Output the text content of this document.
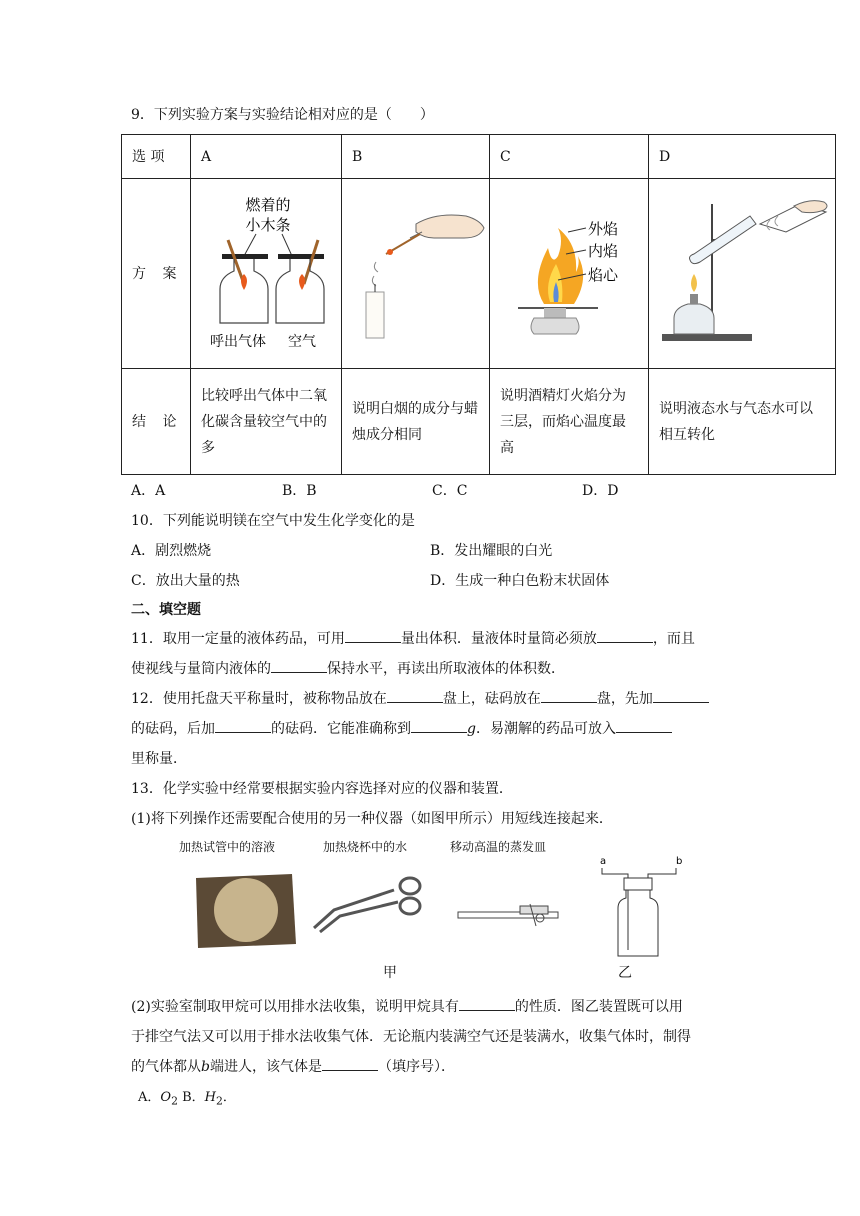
9．下列实验方案与实验结论相对应的是（　　）
选 项	A	B	C	D
方 案	燃着的
小木条
呼出气体 空气		外焰
内焰
焰心

结 论	比较呼出气体中二氧化碳含量较空气中的多	说明白烟的成分与蜡烛成分相同	说明酒精灯火焰分为三层，而焰心温度最高	说明液态水与气态水可以相互转化
A．A	B．B	C．C	D．D
10．下列能说明镁在空气中发生化学变化的是
A．剧烈燃烧	B．发出耀眼的白光
C．放出大量的热	D．生成一种白色粉末状固体
二、填空题
11．取用一定量的液体药品，可用	量出体积．量液体时量筒必须放	，而且
使视线与量筒内液体的	保持水平，再读出所取液体的体积数．
12．使用托盘天平称量时，被称物品放在	盘上，砝码放在	盘，先加
的砝码，后加	的砝码．它能准确称到	g．易潮解的药品可放入
里称量．
13．化学实验中经常要根据实验内容选择对应的仪器和装置．
(1)将下列操作还需要配合使用的另一种仪器（如图甲所示）用短线连接起来．
加热试管中的溶液	加热烧杯中的水	移动高温的蒸发皿
a	b
甲	乙
(2)实验室制取甲烷可以用排水法收集，说明甲烷具有	的性质．图乙装置既可以用
于排空气法又可以用于排水法收集气体．无论瓶内装满空气还是装满水，收集气体时，制得
的气体都从b端进人，该气体是	（填序号）．
A．$O_2$ B．$H_2$．
